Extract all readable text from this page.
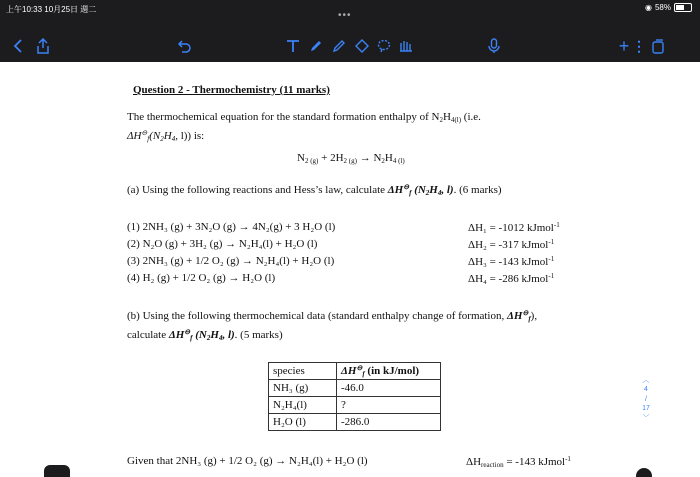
上午10:33 10月25日 週二
•••
◉ 58%
+ ⋮
Question 2 - Thermochemistry (11 marks)
The thermochemical equation for the standard formation enthalpy of $N_2H_{4(l)}$ (i.e.
$\Delta H^⊖_f(N_2H_4$, l)) is:
$N_{2 (g)} + 2H_{2 (g)} \to N_2H_{4 (l)}$
(a) Using the following reactions and Hess’s law, calculate $\Delta H^⊖_f$ ($N_2H_4$, l). (6 marks)
(1) 2NH₃ (g) + 3N₂O (g) → 4N₂(g) + 3 H₂O (l)	ΔH₁ = -1012 kJmol$^{-1}$
(2) N₂O (g) + 3H₂ (g) → N₂H₄(l) + H₂O (l)	ΔH₂ = -317 kJmol$^{-1}$
(3) 2NH₃ (g) + 1/2 O₂ (g) → N₂H₄(l) + H₂O (l)	ΔH₃ = -143 kJmol$^{-1}$
(4) H₂ (g) + 1/2 O₂ (g) → H₂O (l)	ΔH₄ = -286 kJmol$^{-1}$
(b) Using the following thermochemical data (standard enthalpy change of formation, $\Delta H^⊖_f$),
calculate $\Delta H^⊖_f$ ($N_2H_4$, l). (5 marks)
species	$\Delta H^⊖_f$ (in kJ/mol)
NH₃ (g)	-46.0
N₂H₄(l)	?
H₂O (l)	-286.0
Given that 2NH₃ (g) + 1/2 O₂ (g) → N₂H₄(l) + H₂O (l)	$\Delta H_{reaction} = -143$ kJmol$^{-1}$
︿
4
/
17
﹀
